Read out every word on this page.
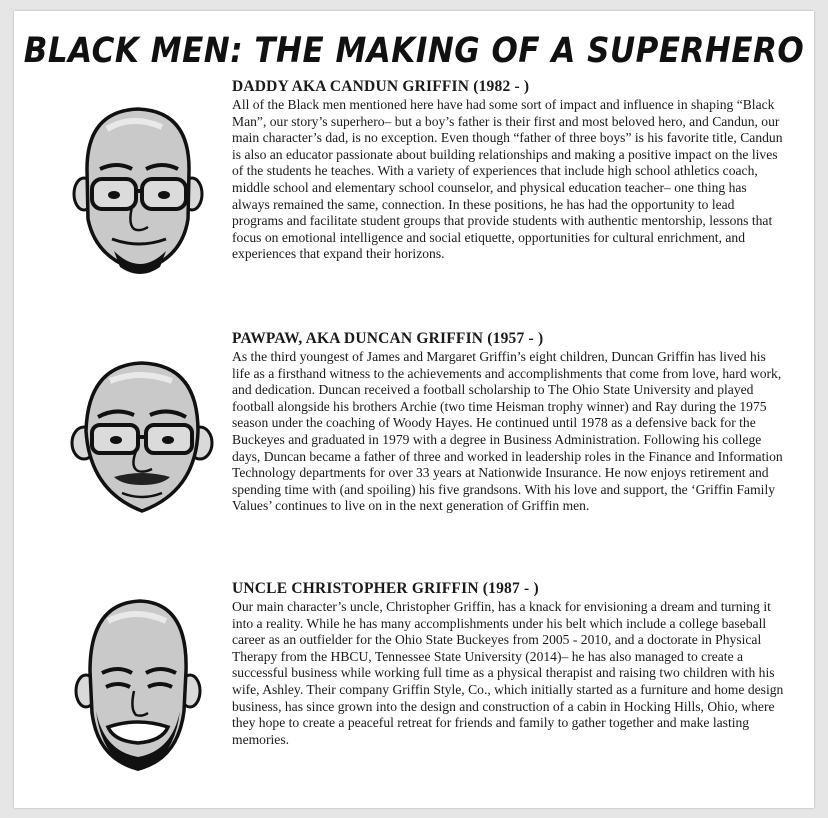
BLACK MEN: THE MAKING OF A SUPERHERO

DADDY AKA CANDUN GRIFFIN (1982 - )

All of the Black men mentioned here have had some sort of impact and influence in shaping “Black Man”, our story’s superhero– but a boy’s father is their first and most beloved hero, and Candun, our main character’s dad, is no exception. Even though “father of three boys” is his favorite title, Candun is also an educator passionate about building relationships and making a positive impact on the lives of the students he teaches. With a variety of experiences that include high school athletics coach, middle school and elementary school counselor, and physical education teacher– one thing has always remained the same, connection. In these positions, he has had the opportunity to lead programs and facilitate student groups that provide students with authentic mentorship, lessons that focus on emotional intelligence and social etiquette, opportunities for cultural enrichment, and experiences that expand their horizons.

PAWPAW, AKA DUNCAN GRIFFIN (1957 - )

As the third youngest of James and Margaret Griffin’s eight children, Duncan Griffin has lived his life as a firsthand witness to the achievements and accomplishments that come from love, hard work, and dedication. Duncan received a football scholarship to The Ohio State University and played football alongside his brothers Archie (two time Heisman trophy winner) and Ray during the 1975 season under the coaching of Woody Hayes. He continued until 1978 as a defensive back for the Buckeyes and graduated in 1979 with a degree in Business Administration. Following his college days, Duncan became a father of three and worked in leadership roles in the Finance and Information Technology departments for over 33 years at Nationwide Insurance. He now enjoys retirement and spending time with (and spoiling) his five grandsons. With his love and support, the ‘Griffin Family Values’ continues to live on in the next generation of Griffin men.

UNCLE CHRISTOPHER GRIFFIN (1987 - )

Our main character’s uncle, Christopher Griffin, has a knack for envisioning a dream and turning it into a reality. While he has many accomplishments under his belt which include a college baseball career as an outfielder for the Ohio State Buckeyes from 2005 - 2010, and a doctorate in Physical Therapy from the HBCU, Tennessee State University (2014)– he has also managed to create a successful business while working full time as a physical therapist and raising two children with his wife, Ashley. Their company Griffin Style, Co., which initially started as a furniture and home design business, has since grown into the design and construction of a cabin in Hocking Hills, Ohio, where they hope to create a peaceful retreat for friends and family to gather together and make lasting memories.
